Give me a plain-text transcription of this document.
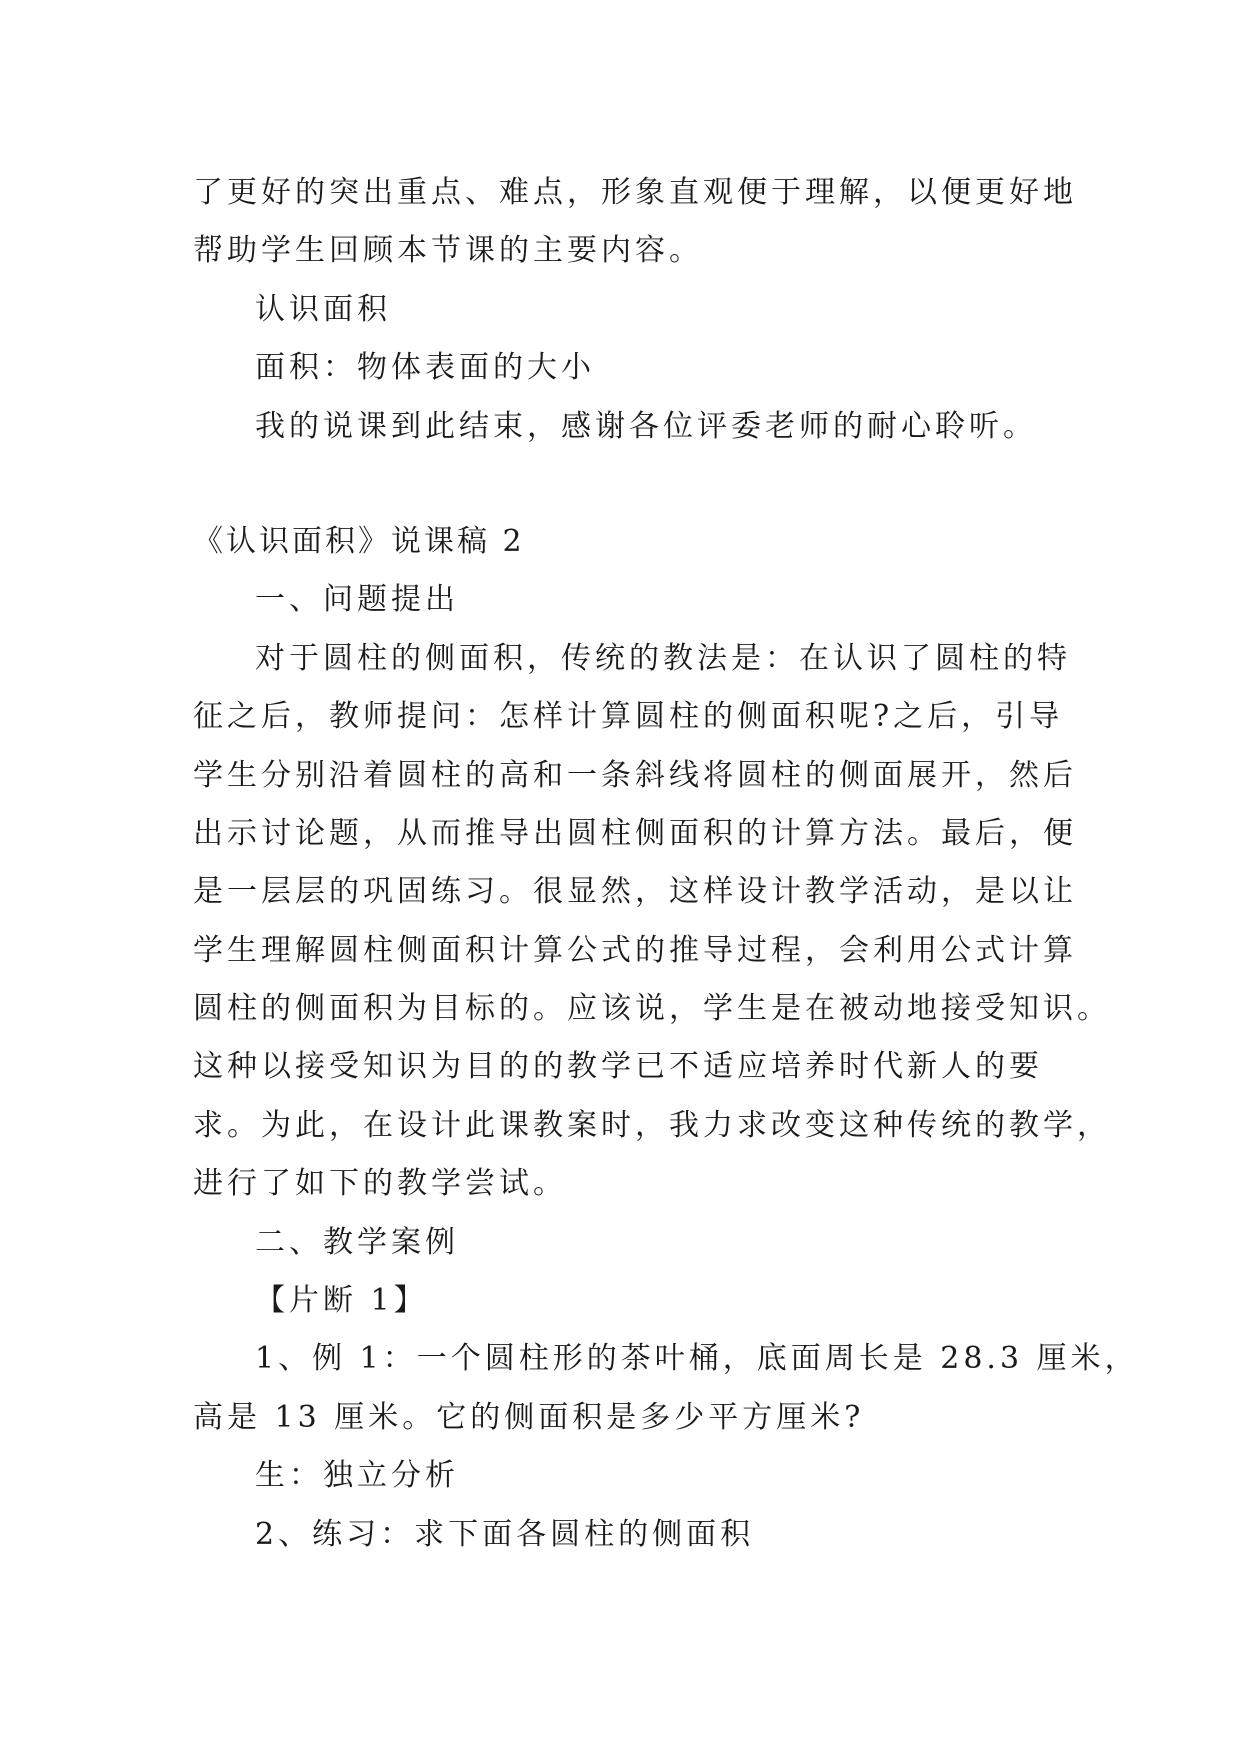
了更好的突出重点、难点，形象直观便于理解，以便更好地
帮助学生回顾本节课的主要内容。
认识面积
面积：物体表面的大小
我的说课到此结束，感谢各位评委老师的耐心聆听。
《认识面积》说课稿 2
一、问题提出
对于圆柱的侧面积，传统的教法是：在认识了圆柱的特
征之后，教师提问：怎样计算圆柱的侧面积呢?之后，引导
学生分别沿着圆柱的高和一条斜线将圆柱的侧面展开，然后
出示讨论题，从而推导出圆柱侧面积的计算方法。最后，便
是一层层的巩固练习。很显然，这样设计教学活动，是以让
学生理解圆柱侧面积计算公式的推导过程，会利用公式计算
圆柱的侧面积为目标的。应该说，学生是在被动地接受知识。
这种以接受知识为目的的教学已不适应培养时代新人的要
求。为此，在设计此课教案时，我力求改变这种传统的教学，
进行了如下的教学尝试。
二、教学案例
【片断 1】
1、例 1：一个圆柱形的茶叶桶，底面周长是 28.3 厘米，
高是 13 厘米。它的侧面积是多少平方厘米?
生：独立分析
2、练习：求下面各圆柱的侧面积
